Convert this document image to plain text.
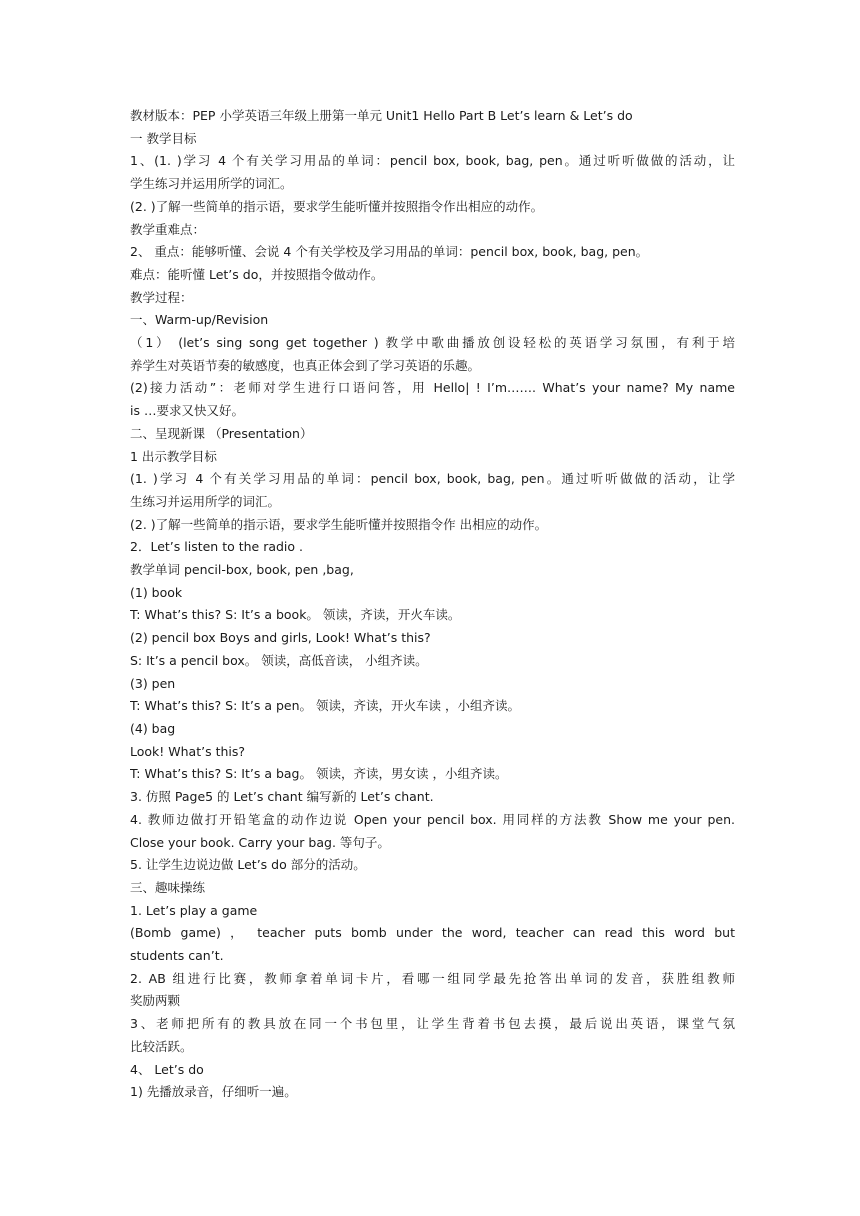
教材版本：PEP 小学英语三年级上册第一单元 Unit1 Hello Part B Let’s learn & Let’s do
一 教学目标
1、(1. )学习 4 个有关学习用品的单词：pencil box, book, bag, pen。通过听听做做的活动，让
学生练习并运用所学的词汇。
(2. )了解一些简单的指示语，要求学生能听懂并按照指令作出相应的动作。
教学重难点：
2、 重点：能够听懂、会说 4 个有关学校及学习用品的单词：pencil box, book, bag, pen。
难点：能听懂 Let’s do，并按照指令做动作。
教学过程：
一、Warm-up/Revision
（1） (let’s sing song get together ) 教学中歌曲播放创设轻松的英语学习氛围，有利于培
养学生对英语节奏的敏感度，也真正体会到了学习英语的乐趣。
(2)接力活动”：老师对学生进行口语问答，用 Hello| ! I’m……. What’s your name? My name
is …要求又快又好。
二、呈现新课 （Presentation）
1 出示教学目标
(1. )学习 4 个有关学习用品的单词：pencil box, book, bag, pen。通过听听做做的活动，让学
生练习并运用所学的词汇。
(2. )了解一些简单的指示语，要求学生能听懂并按照指令作 出相应的动作。
2．Let’s listen to the radio .
教学单词 pencil-box, book, pen ,bag,
(1) book
T: What’s this? S: It’s a book。 领读，齐读，开火车读。
(2) pencil box Boys and girls, Look! What’s this?
S: It’s a pencil box。 领读，高低音读， 小组齐读。
(3) pen
T: What’s this? S: It’s a pen。 领读，齐读，开火车读 ，小组齐读。
(4) bag
Look! What’s this?
T: What’s this? S: It’s a bag。 领读，齐读，男女读 ，小组齐读。
3. 仿照 Page5 的 Let’s chant 编写新的 Let’s chant.
4. 教师边做打开铅笔盒的动作边说 Open your pencil box. 用同样的方法教 Show me your pen.
Close your book. Carry your bag. 等句子。
5. 让学生边说边做 Let’s do 部分的活动。
三、趣味操练
1. Let’s play a game
(Bomb game) ， teacher puts bomb under the word, teacher can read this word but
students can’t.
2. AB 组进行比赛，教师拿着单词卡片，看哪一组同学最先抢答出单词的发音，获胜组教师
奖励两颗
3、老师把所有的教具放在同一个书包里，让学生背着书包去摸，最后说出英语，课堂气氛
比较活跃。
4、 Let’s do
1) 先播放录音，仔细听一遍。
